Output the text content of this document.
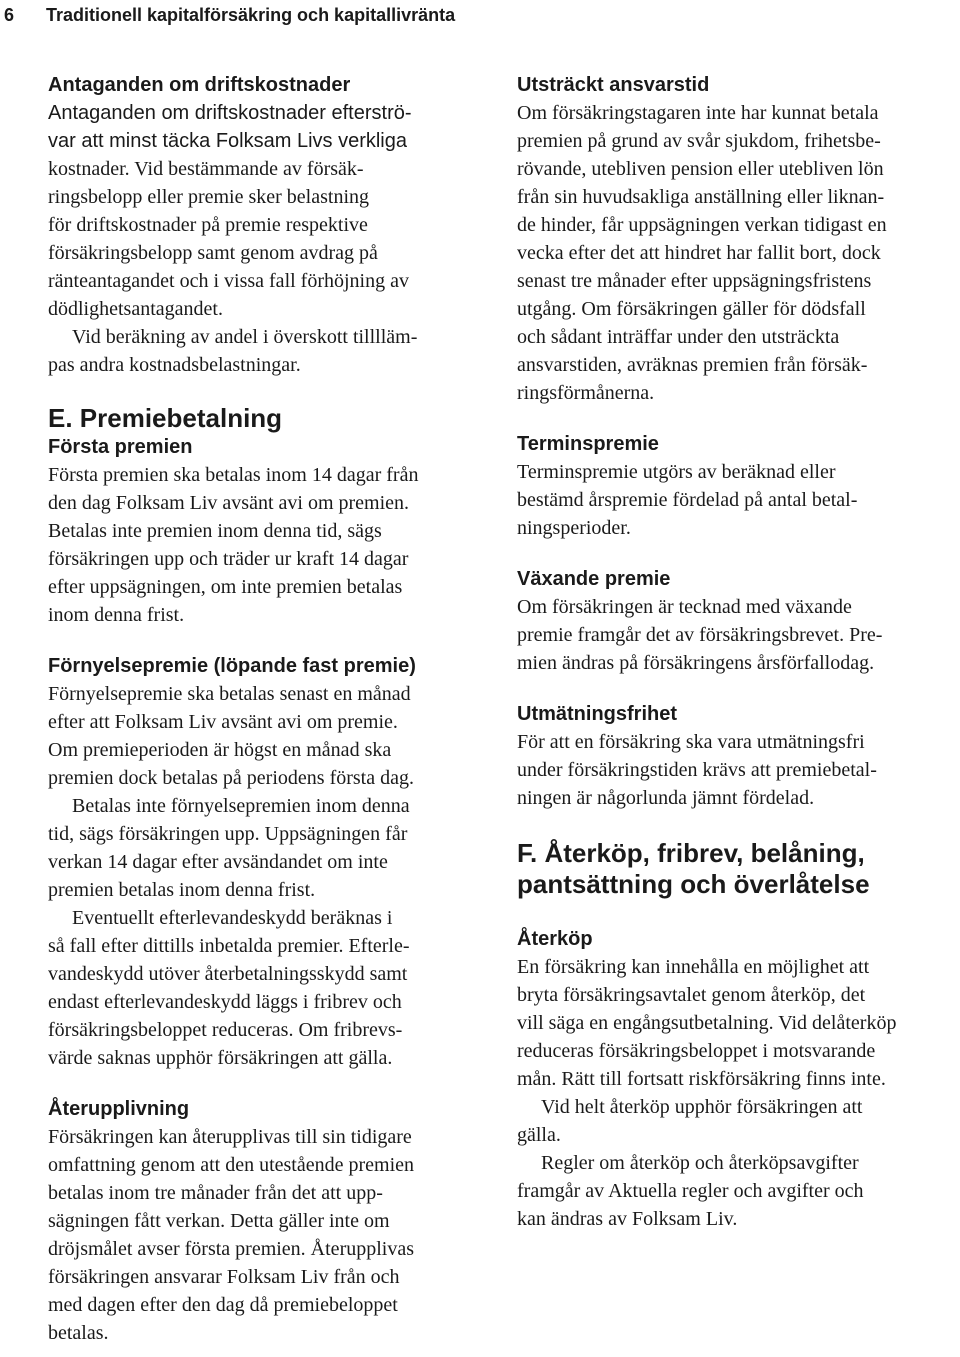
6	Traditionell kapitalförsäkring och kapitallivränta
Antaganden om driftskostnader
Antaganden om driftskostnader efterströ-
var att minst täcka Folksam Livs verkliga
kostnader. Vid bestämmande av försäk-
ringsbelopp eller premie sker belastning
för driftskostnader på premie respektive
försäkringsbelopp samt genom avdrag på
ränteantagandet och i vissa fall förhöjning av
dödlighetsantagandet.
Vid beräkning av andel i överskott tilllläm-
pas andra kostnadsbelastningar.
E. Premiebetalning
Första premien
Första premien ska betalas inom 14 dagar från
den dag Folksam Liv avsänt avi om premien.
Betalas inte premien inom denna tid, sägs
försäkringen upp och träder ur kraft 14 dagar
efter uppsägningen, om inte premien betalas
inom denna frist.
Förnyelsepremie (löpande fast premie)
Förnyelsepremie ska betalas senast en månad
efter att Folksam Liv avsänt avi om premie.
Om premieperioden är högst en månad ska
premien dock betalas på periodens första dag.
Betalas inte förnyelsepremien inom denna
tid, sägs försäkringen upp. Uppsägningen får
verkan 14 dagar efter avsändandet om inte
premien betalas inom denna frist.
Eventuellt efterlevandeskydd beräknas i
så fall efter dittills inbetalda premier. Efterle-
vandeskydd utöver återbetalningsskydd samt
endast efterlevandeskydd läggs i fribrev och
försäkringsbeloppet reduceras. Om fribrevs-
värde saknas upphör försäkringen att gälla.
Återupplivning
Försäkringen kan återupplivas till sin tidigare
omfattning genom att den utestående premien
betalas inom tre månader från det att upp-
sägningen fått verkan. Detta gäller inte om
dröjsmålet avser första premien. Återupplivas
försäkringen ansvarar Folksam Liv från och
med dagen efter den dag då premiebeloppet
betalas.
Utsträckt ansvarstid
Om försäkringstagaren inte har kunnat betala
premien på grund av svår sjukdom, frihetsbe-
rövande, utebliven pension eller utebliven lön
från sin huvudsakliga anställning eller liknan-
de hinder, får uppsägningen verkan tidigast en
vecka efter det att hindret har fallit bort, dock
senast tre månader efter uppsägningsfristens
utgång. Om försäkringen gäller för dödsfall
och sådant inträffar under den utsträckta
ansvarstiden, avräknas premien från försäk-
ringsförmånerna.
Terminspremie
Terminspremie utgörs av beräknad eller
bestämd årspremie fördelad på antal betal-
ningsperioder.
Växande premie
Om försäkringen är tecknad med växande
premie framgår det av försäkringsbrevet. Pre-
mien ändras på försäkringens årsförfallodag.
Utmätningsfrihet
För att en försäkring ska vara utmätningsfri
under försäkringstiden krävs att premiebetal-
ningen är någorlunda jämnt fördelad.
F. Återköp, fribrev, belåning,
pantsättning och överlåtelse
Återköp
En försäkring kan innehålla en möjlighet att
bryta försäkringsavtalet genom återköp, det
vill säga en engångsutbetalning. Vid delåterköp
reduceras försäkringsbeloppet i motsvarande
mån. Rätt till fortsatt riskförsäkring finns inte.
Vid helt återköp upphör försäkringen att
gälla.
Regler om återköp och återköpsavgifter
framgår av Aktuella regler och avgifter och
kan ändras av Folksam Liv.
